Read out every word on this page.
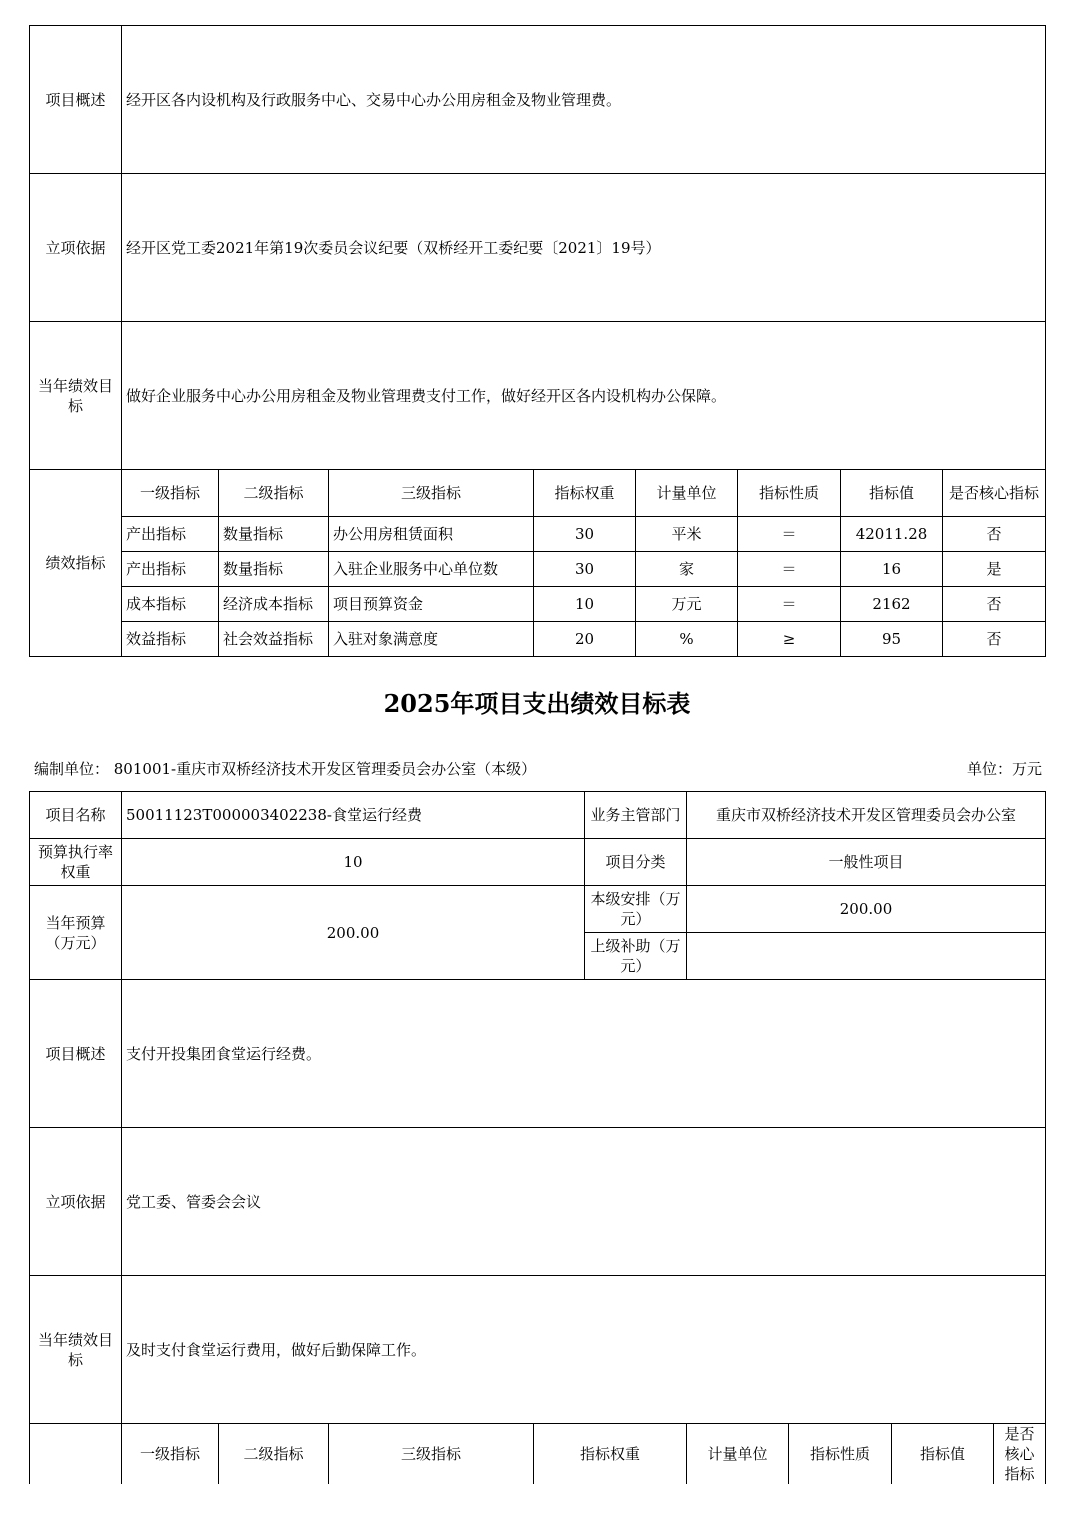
项目概述	经开区各内设机构及行政服务中心、交易中心办公用房租金及物业管理费。							
立项依据	经开区党工委2021年第19次委员会议纪要（双桥经开工委纪要〔2021〕19号）							
当年绩效目标	做好企业服务中心办公用房租金及物业管理费支付工作，做好经开区各内设机构办公保障。							
绩效指标	一级指标	二级指标	三级指标	指标权重	计量单位	指标性质	指标值	是否核心指标
	产出指标	数量指标	办公用房租赁面积	30	平米	＝	42011.28	否
	产出指标	数量指标	入驻企业服务中心单位数	30	家	＝	16	是
	成本指标	经济成本指标	项目预算资金	10	万元	＝	2162	否
	效益指标	社会效益指标	入驻对象满意度	20	%	≥	95	否
2025年项目支出绩效目标表
编制单位： 801001-重庆市双桥经济技术开发区管理委员会办公室（本级）	单位：万元
项目名称	50011123T000003402238-食堂运行经费				业务主管部门	重庆市双桥经济技术开发区管理委员会办公室			
预算执行率权重	10				项目分类	一般性项目			
当年预算（万元）	200.00				本级安排（万元）	200.00			
					上级补助（万元）				
项目概述	支付开投集团食堂运行经费。								
立项依据	党工委、管委会会议								
当年绩效目标	及时支付食堂运行费用，做好后勤保障工作。								
	一级指标	二级指标	三级指标	指标权重		计量单位	指标性质	指标值	是否核心指标
